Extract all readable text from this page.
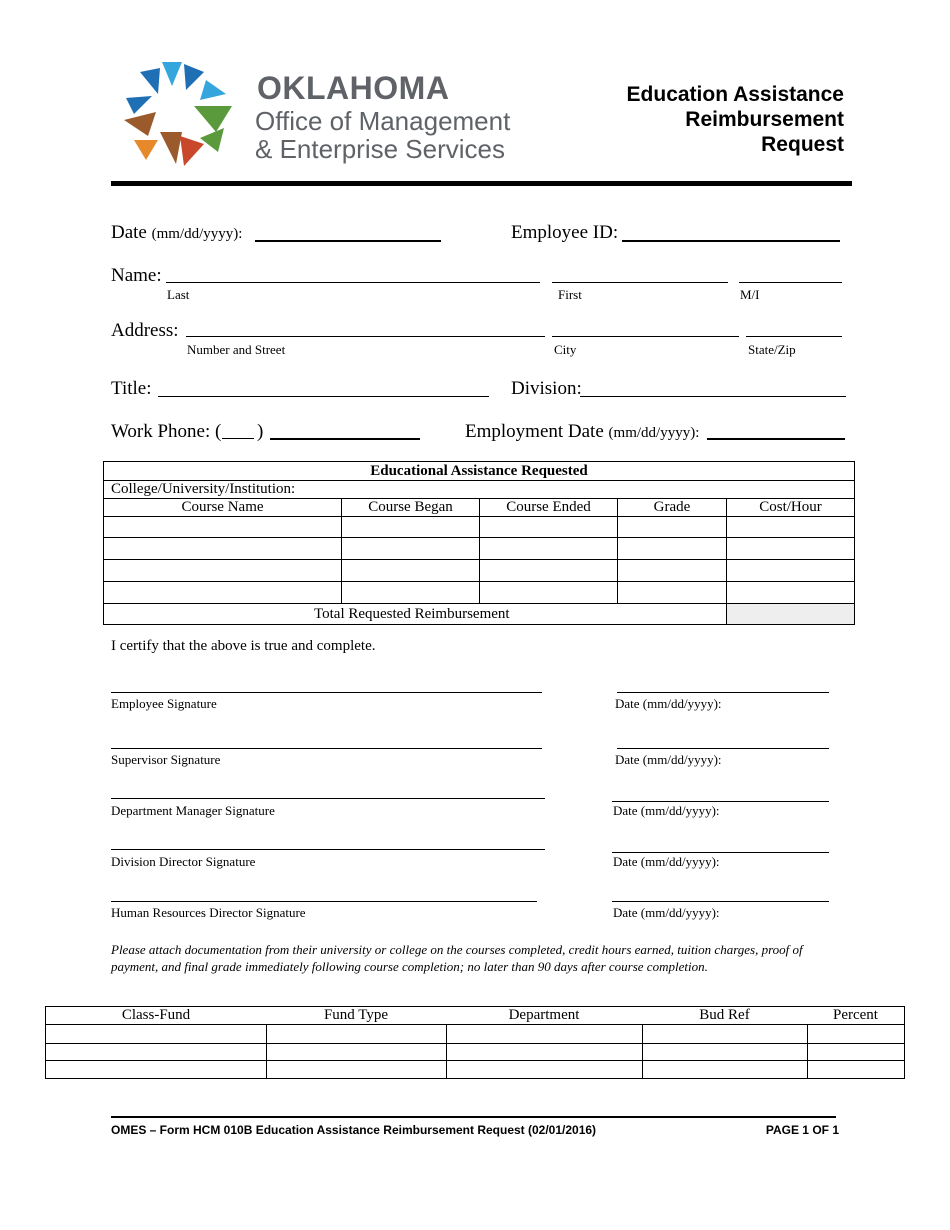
OKLAHOMA
Office of Management
& Enterprise Services
Education Assistance
Reimbursement
Request
Date (mm/dd/yyyy):	Employee ID:
Name:
Last	First	M/I
Address:
Number and Street	City	State/Zip
Title:	Division:
Work Phone: ( )	Employment Date (mm/dd/yyyy):
Educational Assistance Requested				
College/University/Institution:				
Course Name	Course Began	Course Ended	Grade	Cost/Hour

Total Requested Reimbursement				
I certify that the above is true and complete.
Employee Signature	Date (mm/dd/yyyy):
Supervisor Signature	Date (mm/dd/yyyy):
Department Manager Signature	Date (mm/dd/yyyy):
Division Director Signature	Date (mm/dd/yyyy):
Human Resources Director Signature	Date (mm/dd/yyyy):
Please attach documentation from their university or college on the courses completed, credit hours earned, tuition charges, proof of payment, and final grade immediately following course completion; no later than 90 days after course completion.
Class-Fund	Fund Type	Department	Bud Ref	Percent

OMES – Form HCM 010B Education Assistance Reimbursement Request (02/01/2016)	PAGE 1 OF 1
